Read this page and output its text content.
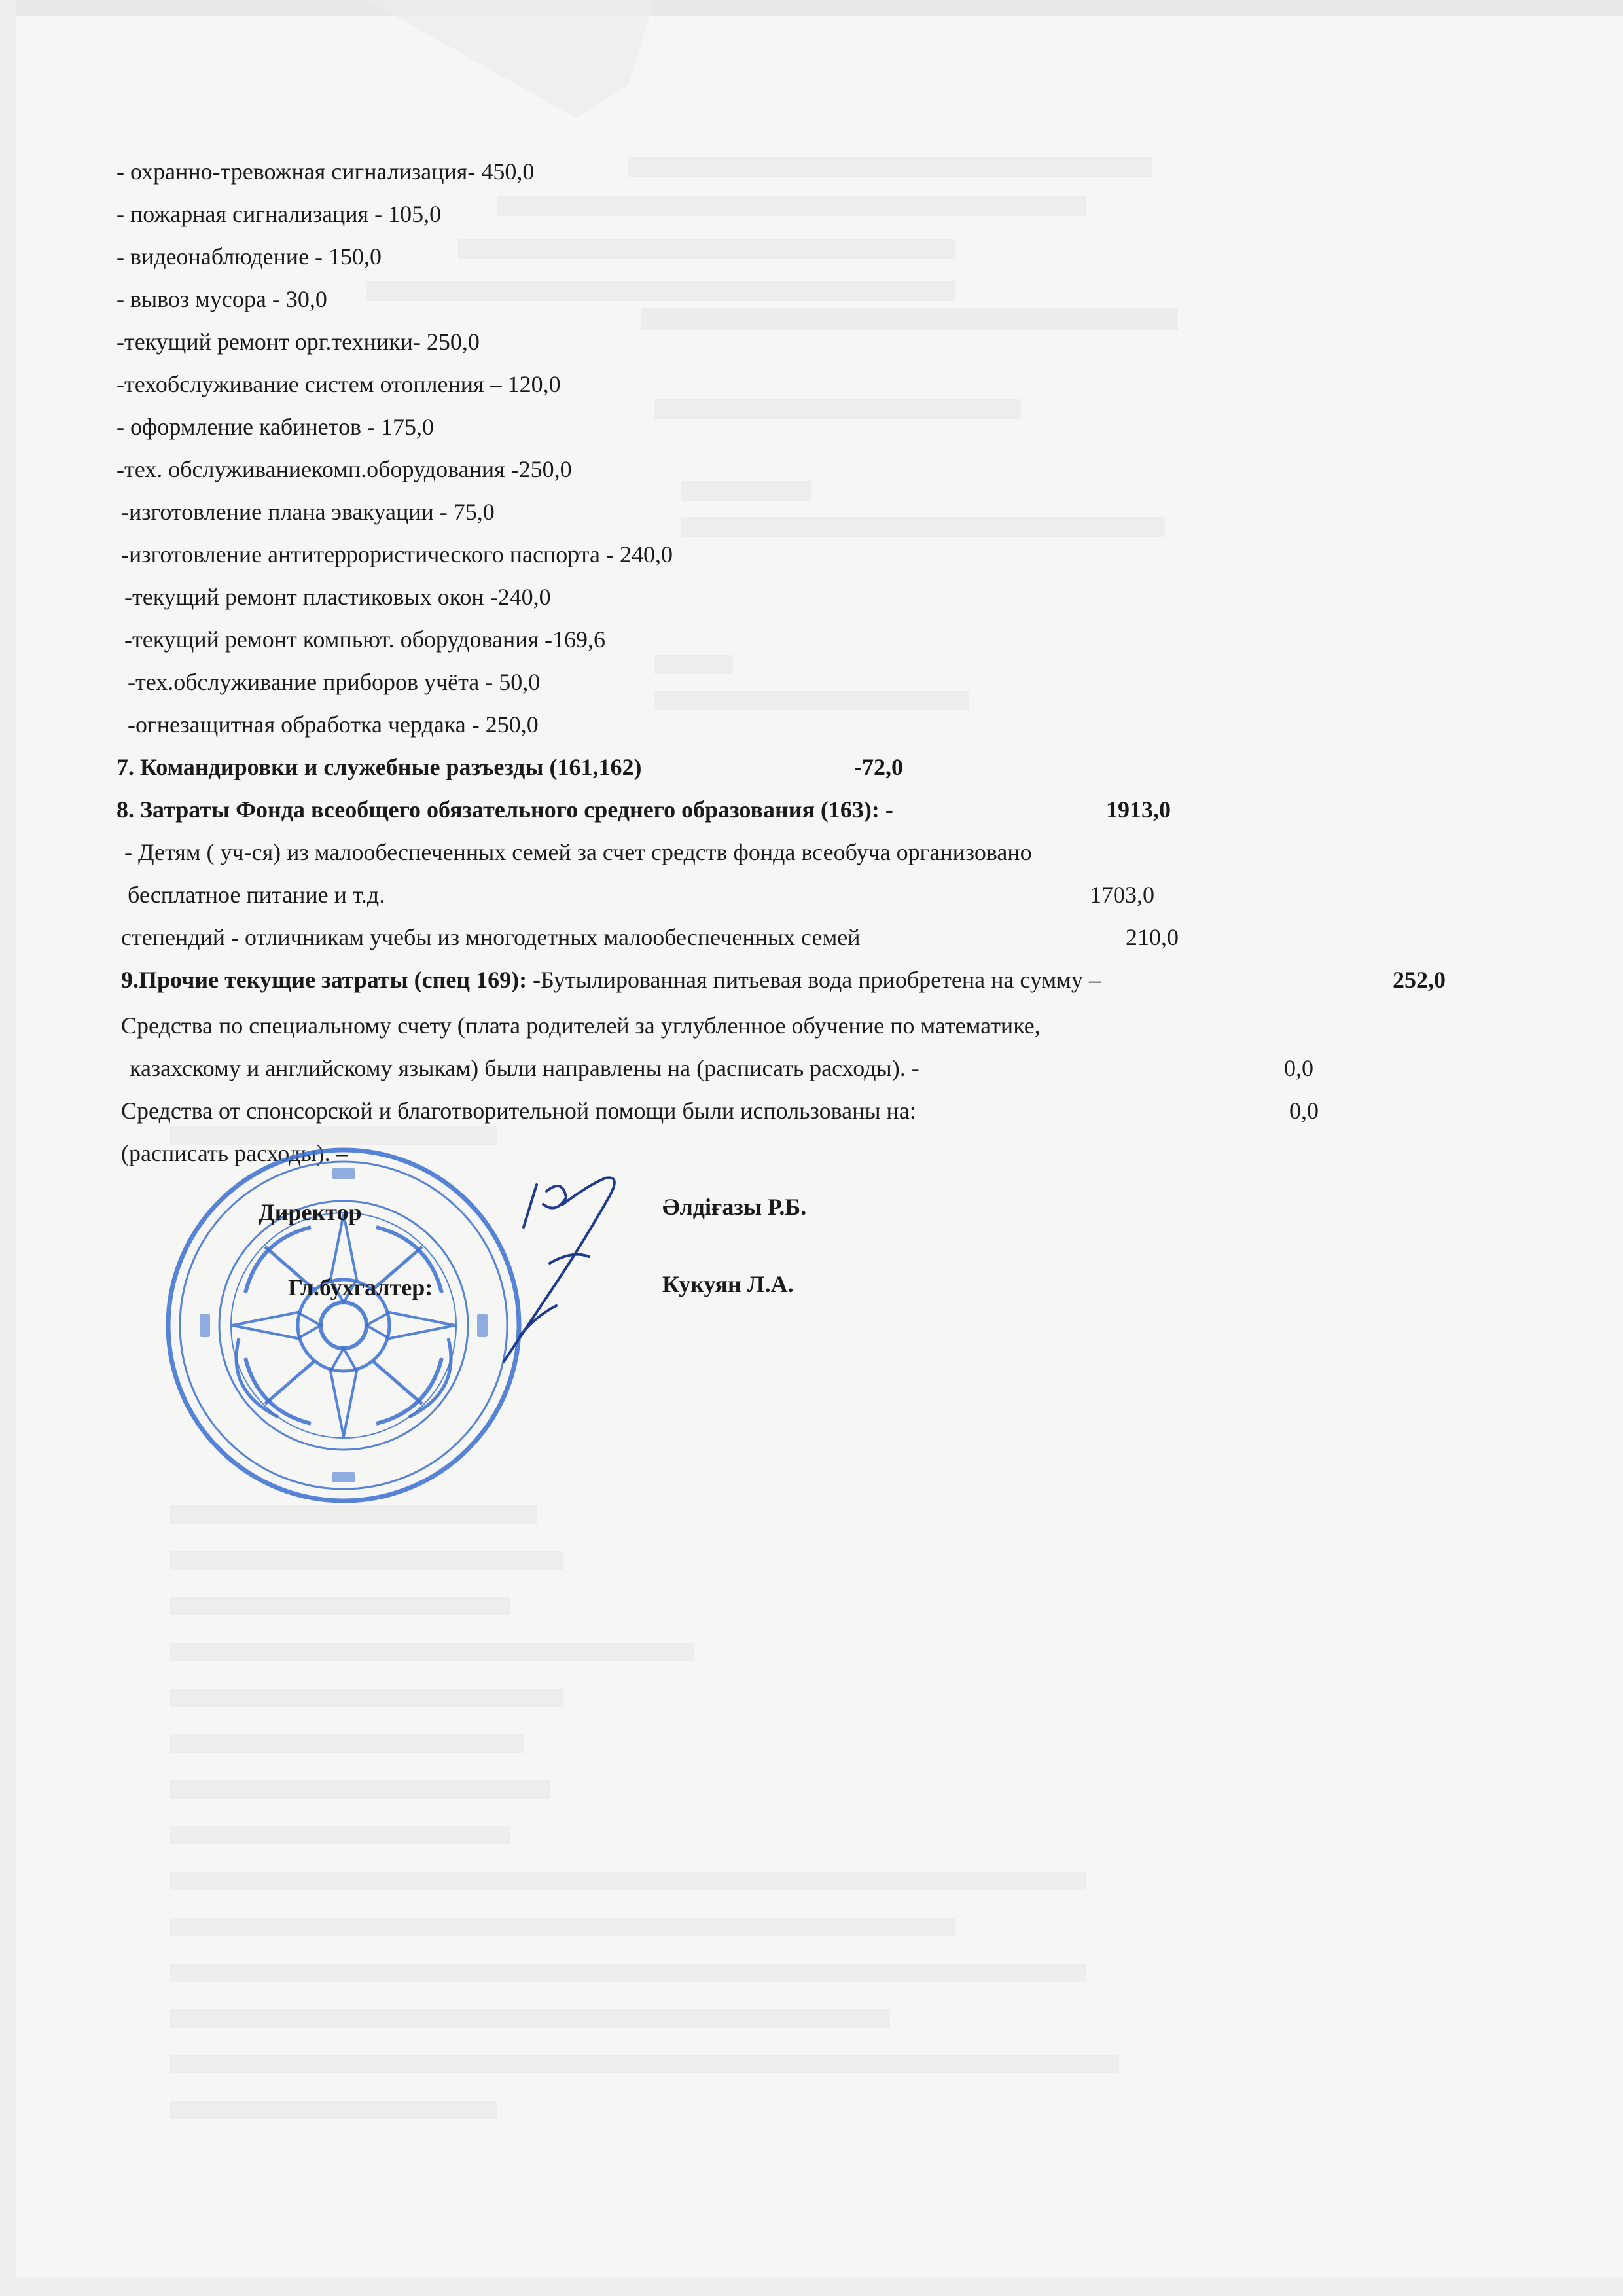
- охранно-тревожная сигнализация- 450,0
- пожарная сигнализация - 105,0
- видеонаблюдение - 150,0
- вывоз мусора - 30,0
-текущий ремонт орг.техники- 250,0
-техобслуживание систем отопления – 120,0
- оформление кабинетов - 175,0
-тех. обслуживаниекомп.оборудования -250,0
-изготовление плана эвакуации - 75,0
-изготовление антитеррористического паспорта - 240,0
-текущий ремонт пластиковых окон -240,0
-текущий ремонт компьют. оборудования -169,6
-тех.обслуживание приборов учёта - 50,0
-огнезащитная обработка чердака - 250,0
7. Командировки и служебные разъезды (161,162)	-72,0
8. Затраты Фонда всеобщего обязательного среднего образования (163): -	1913,0
- Детям ( уч-ся) из малообеспеченных семей за счет средств фонда всеобуча организовано
бесплатное питание и т.д.	1703,0
степендий - отличникам учебы из многодетных малообеспеченных семей	210,0
9.Прочие текущие затраты (спец 169): -Бутылированная питьевая вода приобретена на сумму –	252,0
Средства по специальному счету (плата родителей за углубленное обучение по математике,
казахскому и английскому языкам) были направлены на (расписать расходы). -	0,0
Средства от спонсорской и благотворительной помощи были использованы на:	0,0
(расписать расходы). –
Директор	Әлдіғазы Р.Б.
Гл.бухгалтер:	Кукуян Л.А.
